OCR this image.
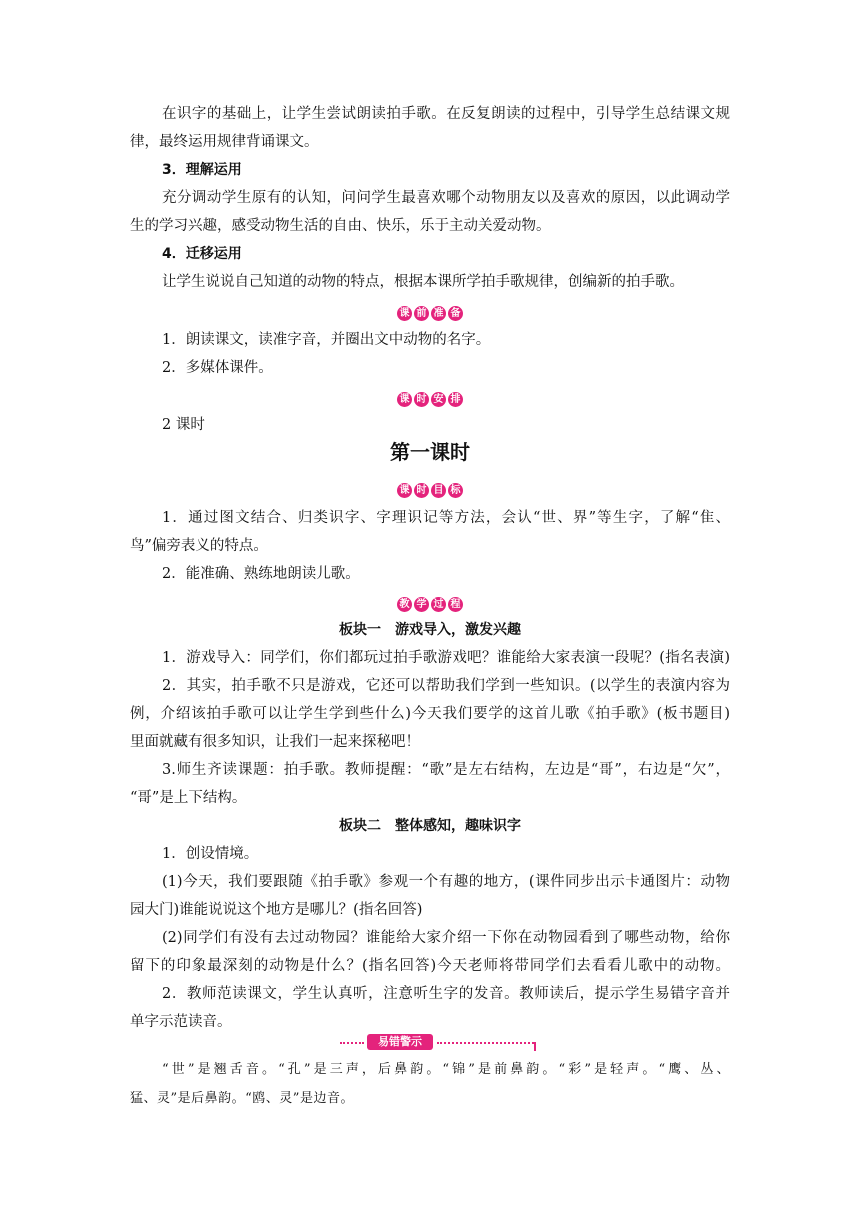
在识字的基础上，让学生尝试朗读拍手歌。在反复朗读的过程中，引导学生总结课文规
律，最终运用规律背诵课文。
3．理解运用
充分调动学生原有的认知，问问学生最喜欢哪个动物朋友以及喜欢的原因，以此调动学
生的学习兴趣，感受动物生活的自由、快乐，乐于主动关爱动物。
4．迁移运用
让学生说说自己知道的动物的特点，根据本课所学拍手歌规律，创编新的拍手歌。
课 前 准 备
1．朗读课文，读准字音，并圈出文中动物的名字。
2．多媒体课件。
课 时 安 排
2 课时
第一课时
课 时 目 标
1．通过图文结合、归类识字、字理识记等方法，会认“世、界”等生字，了解“隹、
鸟”偏旁表义的特点。
2．能准确、熟练地朗读儿歌。
教 学 过 程
板块一　游戏导入，激发兴趣
1．游戏导入：同学们，你们都玩过拍手歌游戏吧？谁能给大家表演一段呢？(指名表演)
2．其实，拍手歌不只是游戏，它还可以帮助我们学到一些知识。(以学生的表演内容为
例，介绍该拍手歌可以让学生学到些什么)今天我们要学的这首儿歌《拍手歌》(板书题目)
里面就藏有很多知识，让我们一起来探秘吧！
3.师生齐读课题：拍手歌。教师提醒：“歌”是左右结构，左边是“哥”，右边是“欠”，
“哥”是上下结构。
板块二　整体感知，趣味识字
1．创设情境。
(1)今天，我们要跟随《拍手歌》参观一个有趣的地方，(课件同步出示卡通图片：动物
园大门)谁能说说这个地方是哪儿？(指名回答)
(2)同学们有没有去过动物园？谁能给大家介绍一下你在动物园看到了哪些动物，给你
留下的印象最深刻的动物是什么？(指名回答)今天老师将带同学们去看看儿歌中的动物。
2．教师范读课文，学生认真听，注意听生字的发音。教师读后，提示学生易错字音并
单字示范读音。
易错警示
“世”是翘舌音。“孔”是三声，后鼻韵。“锦”是前鼻韵。“彩”是轻声。“鹰、丛、
猛、灵”是后鼻韵。“鸥、灵”是边音。
